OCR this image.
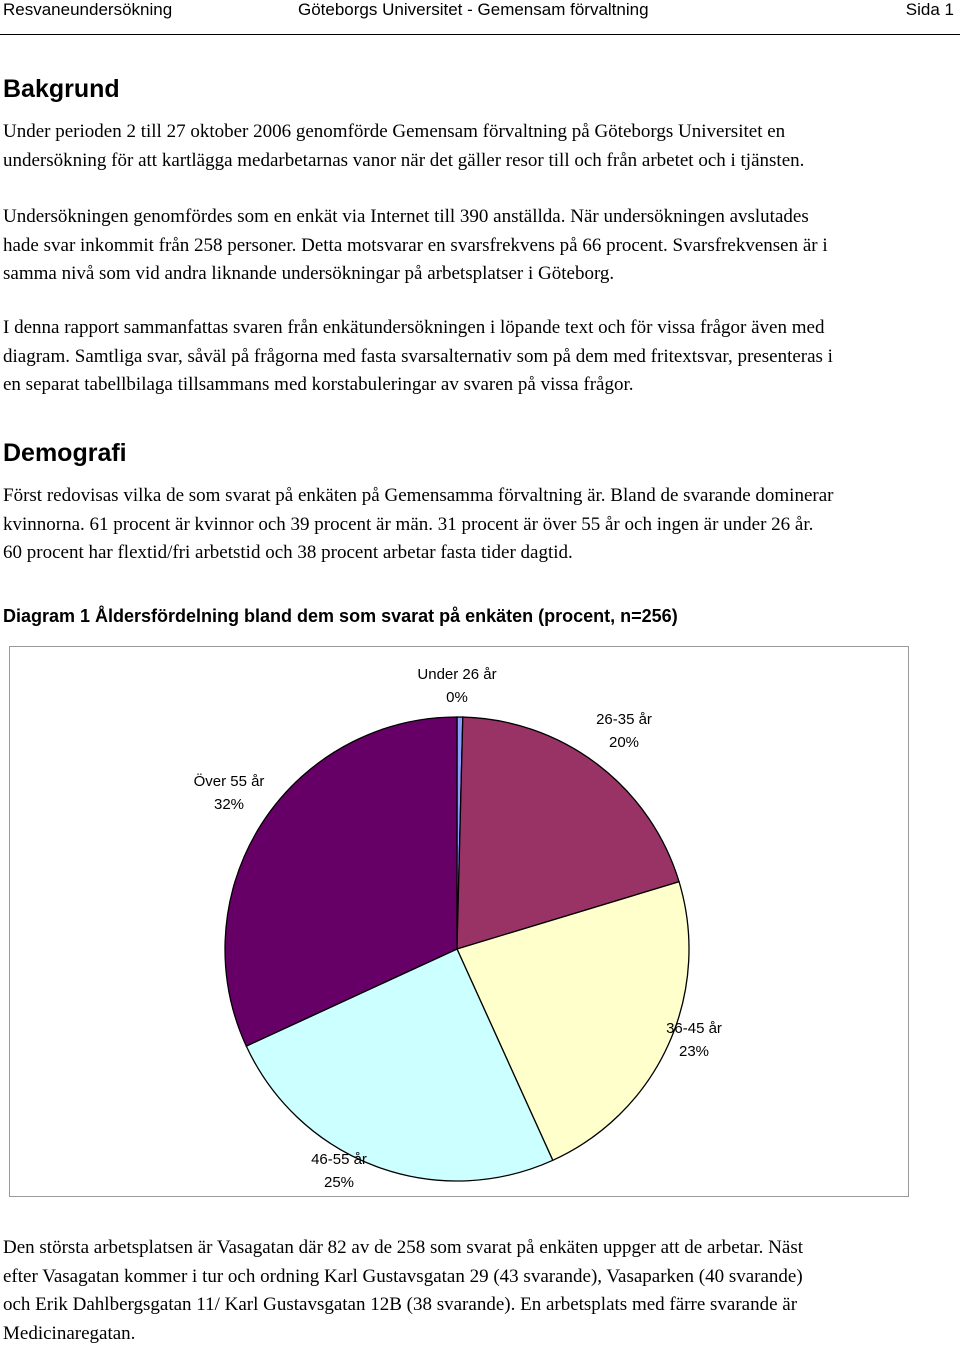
Resvaneundersökning	Göteborgs Universitet - Gemensam förvaltning	Sida 1
Bakgrund

Under perioden 2 till 27 oktober 2006 genomförde Gemensam förvaltning på Göteborgs Universitet en
undersökning för att kartlägga medarbetarnas vanor när det gäller resor till och från arbetet och i tjänsten.

Undersökningen genomfördes som en enkät via Internet till 390 anställda. När undersökningen avslutades
hade svar inkommit från 258 personer. Detta motsvarar en svarsfrekvens på 66 procent. Svarsfrekvensen är i
samma nivå som vid andra liknande undersökningar på arbetsplatser i Göteborg.

I denna rapport sammanfattas svaren från enkätundersökningen i löpande text och för vissa frågor även med
diagram. Samtliga svar, såväl på frågorna med fasta svarsalternativ som på dem med fritextsvar, presenteras i
en separat tabellbilaga tillsammans med korstabuleringar av svaren på vissa frågor.

Demografi

Först redovisas vilka de som svarat på enkäten på Gemensamma förvaltning är. Bland de svarande dominerar
kvinnorna. 61 procent är kvinnor och 39 procent är män. 31 procent är över 55 år och ingen är under 26 år.
60 procent har flextid/fri arbetstid och 38 procent arbetar fasta tider dagtid.

Diagram 1 Åldersfördelning bland dem som svarat på enkäten (procent, n=256)

Under 26 år
0%
26-35 år
20%
36-45 år
23%
46-55 år
25%
Över 55 år
32%

Den största arbetsplatsen är Vasagatan där 82 av de 258 som svarat på enkäten uppger att de arbetar. Näst
efter Vasagatan kommer i tur och ordning Karl Gustavsgatan 29 (43 svarande), Vasaparken (40 svarande)
och Erik Dahlbergsgatan 11/ Karl Gustavsgatan 12B (38 svarande). En arbetsplats med färre svarande är
Medicinaregatan.
